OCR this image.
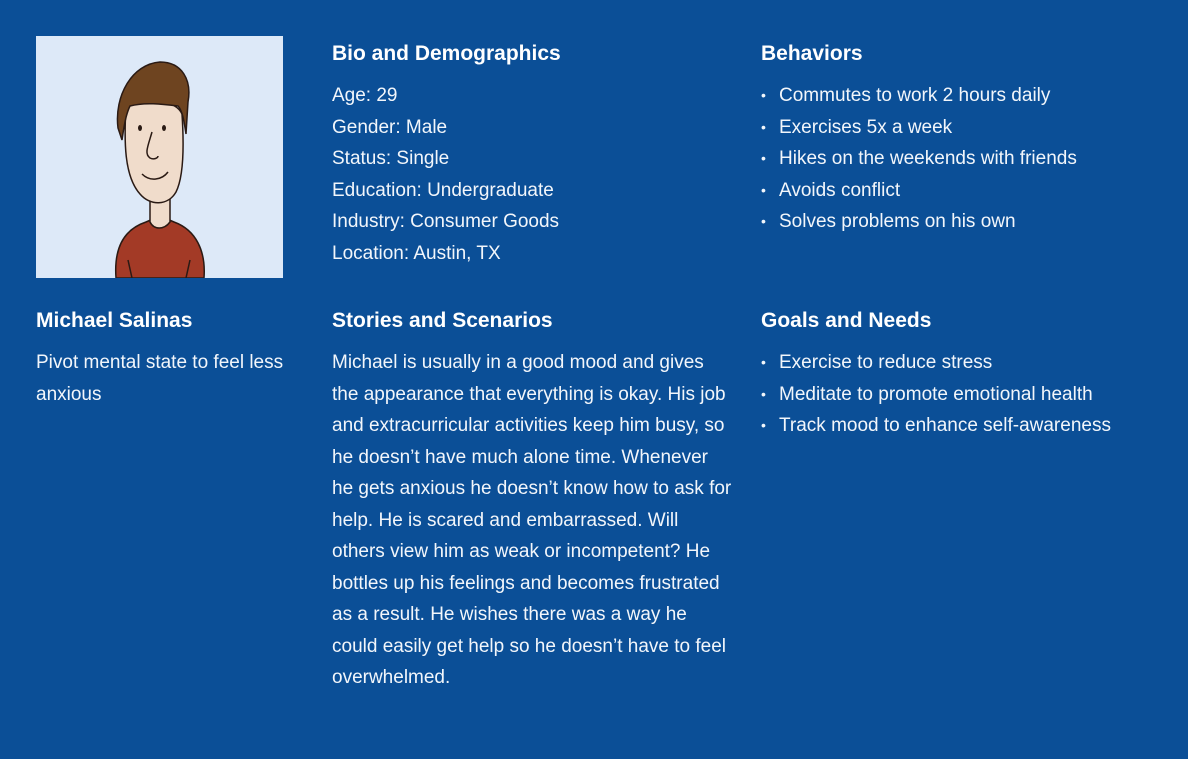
Michael Salinas
Pivot mental state to feel less anxious
Bio and Demographics
Age: 29
Gender: Male
Status: Single
Education: Undergraduate
Industry: Consumer Goods
Location: Austin, TX
Behaviors
• Commutes to work 2 hours daily
• Exercises 5x a week
• Hikes on the weekends with friends
• Avoids conflict
• Solves problems on his own
Stories and Scenarios
Michael is usually in a good mood and gives the appearance that everything is okay. His job and extracurricular activities keep him busy, so he doesn’t have much alone time. Whenever he gets anxious he doesn’t know how to ask for help. He is scared and embarrassed. Will others view him as weak or incompetent? He bottles up his feelings and becomes frustrated as a result. He wishes there was a way he could easily get help so he doesn’t have to feel overwhelmed.
Goals and Needs
• Exercise to reduce stress
• Meditate to promote emotional health
• Track mood to enhance self-awareness
